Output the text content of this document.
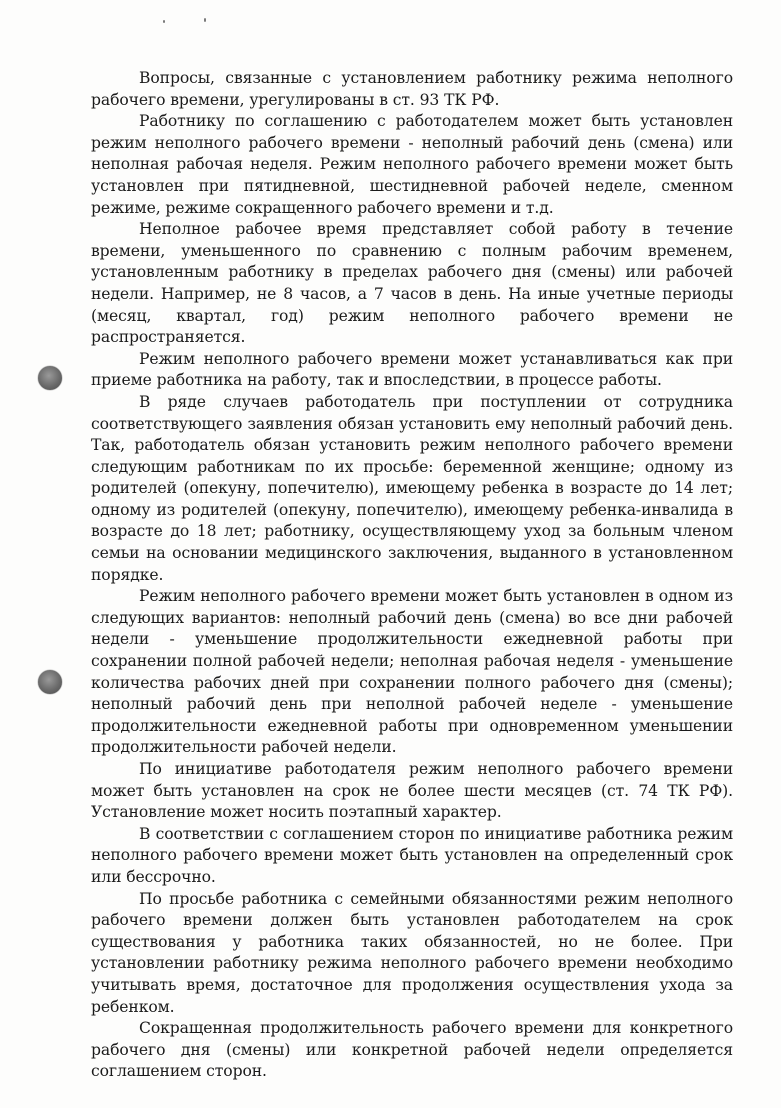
Вопросы, связанные с установлением работнику режима неполного рабочего времени, урегулированы в ст. 93 ТК РФ.

Работнику по соглашению с работодателем может быть установлен режим неполного рабочего времени - неполный рабочий день (смена) или неполная рабочая неделя. Режим неполного рабочего времени может быть установлен при пятидневной, шестидневной рабочей неделе, сменном режиме, режиме сокращенного рабочего времени и т.д.

Неполное рабочее время представляет собой работу в течение времени, уменьшенного по сравнению с полным рабочим временем, установленным работнику в пределах рабочего дня (смены) или рабочей недели. Например, не 8 часов, а 7 часов в день. На иные учетные периоды (месяц, квартал, год) режим неполного рабочего времени не распространяется.

Режим неполного рабочего времени может устанавливаться как при приеме работника на работу, так и впоследствии, в процессе работы.

В ряде случаев работодатель при поступлении от сотрудника соответствующего заявления обязан установить ему неполный рабочий день. Так, работодатель обязан установить режим неполного рабочего времени следующим работникам по их просьбе: беременной женщине; одному из родителей (опекуну, попечителю), имеющему ребенка в возрасте до 14 лет; одному из родителей (опекуну, попечителю), имеющему ребенка-инвалида в возрасте до 18 лет; работнику, осуществляющему уход за больным членом семьи на основании медицинского заключения, выданного в установленном порядке.

Режим неполного рабочего времени может быть установлен в одном из следующих вариантов: неполный рабочий день (смена) во все дни рабочей недели - уменьшение продолжительности ежедневной работы при сохранении полной рабочей недели; неполная рабочая неделя - уменьшение количества рабочих дней при сохранении полного рабочего дня (смены); неполный рабочий день при неполной рабочей неделе - уменьшение продолжительности ежедневной работы при одновременном уменьшении продолжительности рабочей недели.

По инициативе работодателя режим неполного рабочего времени может быть установлен на срок не более шести месяцев (ст. 74 ТК РФ). Установление может носить поэтапный характер.

В соответствии с соглашением сторон по инициативе работника режим неполного рабочего времени может быть установлен на определенный срок или бессрочно.

По просьбе работника с семейными обязанностями режим неполного рабочего времени должен быть установлен работодателем на срок существования у работника таких обязанностей, но не более. При установлении работнику режима неполного рабочего времени необходимо учитывать время, достаточное для продолжения осуществления ухода за ребенком.

Сокращенная продолжительность рабочего времени для конкретного рабочего дня (смены) или конкретной рабочей недели определяется соглашением сторон.
